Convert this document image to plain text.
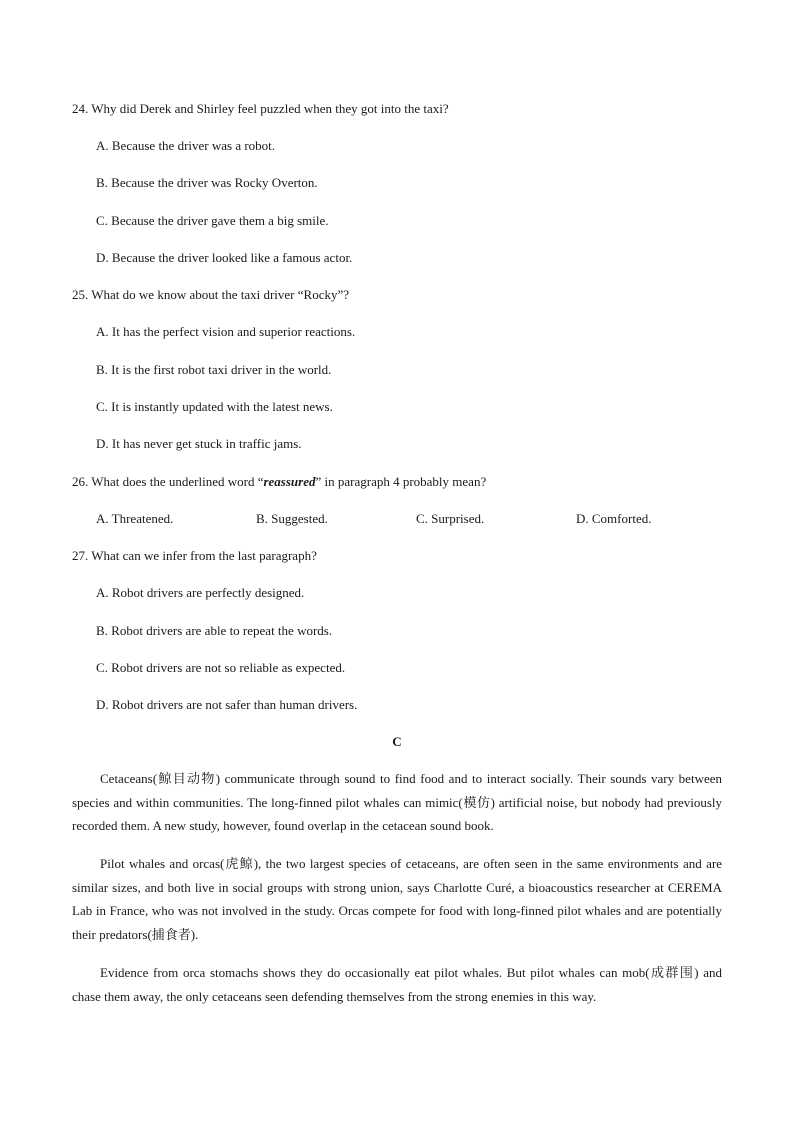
24. Why did Derek and Shirley feel puzzled when they got into the taxi?
A. Because the driver was a robot.
B. Because the driver was Rocky Overton.
C. Because the driver gave them a big smile.
D. Because the driver looked like a famous actor.
25. What do we know about the taxi driver “Rocky”?
A. It has the perfect vision and superior reactions.
B. It is the first robot taxi driver in the world.
C. It is instantly updated with the latest news.
D. It has never get stuck in traffic jams.
26. What does the underlined word “reassured” in paragraph 4 probably mean?
A. Threatened.	B. Suggested.	C. Surprised.	D. Comforted.
27. What can we infer from the last paragraph?
A. Robot drivers are perfectly designed.
B. Robot drivers are able to repeat the words.
C. Robot drivers are not so reliable as expected.
D. Robot drivers are not safer than human drivers.
C
Cetaceans(鲸目动物) communicate through sound to find food and to interact socially. Their sounds vary between species and within communities. The long-finned pilot whales can mimic(模仿) artificial noise, but nobody had previously recorded them. A new study, however, found overlap in the cetacean sound book.
Pilot whales and orcas(虎鲸), the two largest species of cetaceans, are often seen in the same environments and are similar sizes, and both live in social groups with strong union, says Charlotte Curé, a bioacoustics researcher at CEREMA Lab in France, who was not involved in the study. Orcas compete for food with long-finned pilot whales and are potentially their predators(捕食者).
Evidence from orca stomachs shows they do occasionally eat pilot whales. But pilot whales can mob(成群围) and chase them away, the only cetaceans seen defending themselves from the strong enemies in this way.
